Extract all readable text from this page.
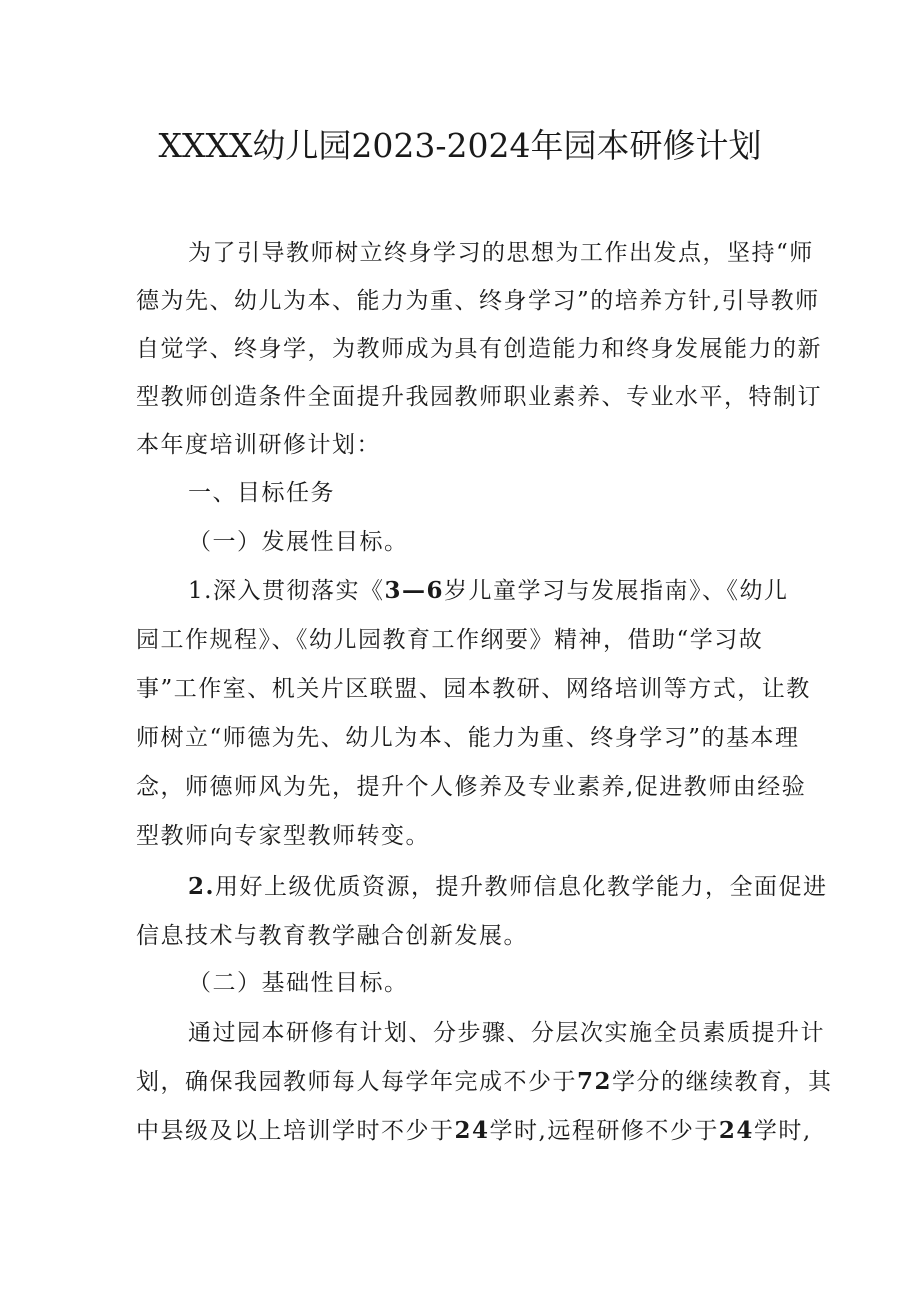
XXXX幼儿园2023-2024年园本研修计划
为了引导教师树立终身学习的思想为工作出发点，坚持“师
德为先、幼儿为本、能力为重、终身学习”的培养方针,引导教师
自觉学、终身学，为教师成为具有创造能力和终身发展能力的新
型教师创造条件全面提升我园教师职业素养、专业水平，特制订
本年度培训研修计划：
一、目标任务
（一）发展性目标。
1.深入贯彻落实《3—6岁儿童学习与发展指南》、《幼儿
园工作规程》、《幼儿园教育工作纲要》精神，借助“学习故
事”工作室、机关片区联盟、园本教研、网络培训等方式，让教
师树立“师德为先、幼儿为本、能力为重、终身学习”的基本理
念，师德师风为先，提升个人修养及专业素养,促进教师由经验
型教师向专家型教师转变。
2.用好上级优质资源，提升教师信息化教学能力，全面促进
信息技术与教育教学融合创新发展。
（二）基础性目标。
通过园本研修有计划、分步骤、分层次实施全员素质提升计
划，确保我园教师每人每学年完成不少于72学分的继续教育，其
中县级及以上培训学时不少于24学时,远程研修不少于24学时,
